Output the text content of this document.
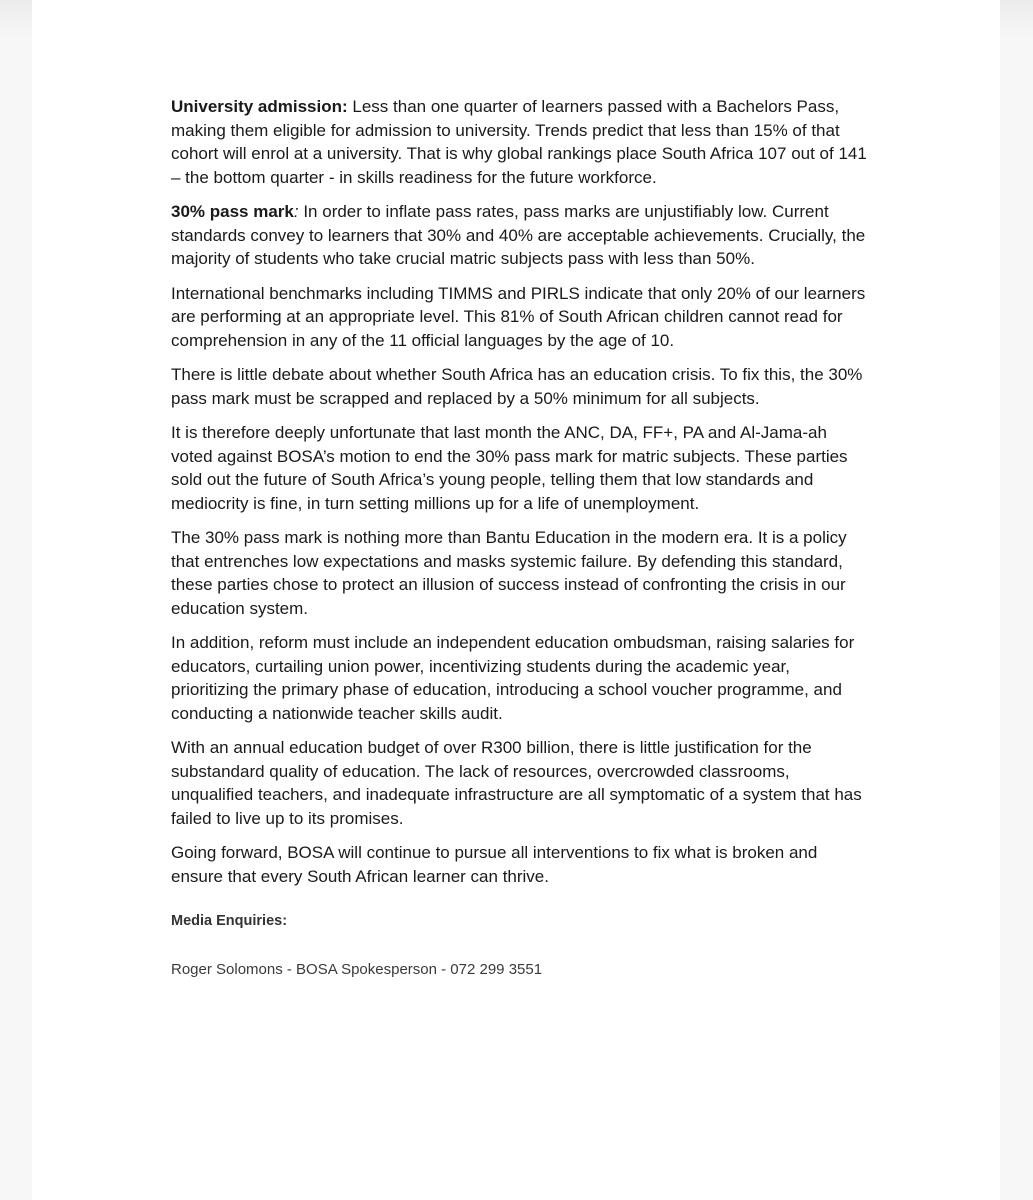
University admission: Less than one quarter of learners passed with a Bachelors Pass, making them eligible for admission to university. Trends predict that less than 15% of that cohort will enrol at a university. That is why global rankings place South Africa 107 out of 141 – the bottom quarter - in skills readiness for the future workforce.

30% pass mark: In order to inflate pass rates, pass marks are unjustifiably low. Current standards convey to learners that 30% and 40% are acceptable achievements. Crucially, the majority of students who take crucial matric subjects pass with less than 50%.

International benchmarks including TIMMS and PIRLS indicate that only 20% of our learners are performing at an appropriate level. This 81% of South African children cannot read for comprehension in any of the 11 official languages by the age of 10.

There is little debate about whether South Africa has an education crisis. To fix this, the 30% pass mark must be scrapped and replaced by a 50% minimum for all subjects.

It is therefore deeply unfortunate that last month the ANC, DA, FF+, PA and Al-Jama-ah voted against BOSA’s motion to end the 30% pass mark for matric subjects. These parties sold out the future of South Africa’s young people, telling them that low standards and mediocrity is fine, in turn setting millions up for a life of unemployment.

The 30% pass mark is nothing more than Bantu Education in the modern era. It is a policy that entrenches low expectations and masks systemic failure. By defending this standard, these parties chose to protect an illusion of success instead of confronting the crisis in our education system.

In addition, reform must include an independent education ombudsman, raising salaries for educators, curtailing union power, incentivizing students during the academic year, prioritizing the primary phase of education, introducing a school voucher programme, and conducting a nationwide teacher skills audit.

With an annual education budget of over R300 billion, there is little justification for the substandard quality of education. The lack of resources, overcrowded classrooms, unqualified teachers, and inadequate infrastructure are all symptomatic of a system that has failed to live up to its promises.

Going forward, BOSA will continue to pursue all interventions to fix what is broken and ensure that every South African learner can thrive.

Media Enquiries:
Roger Solomons - BOSA Spokesperson - 072 299 3551
